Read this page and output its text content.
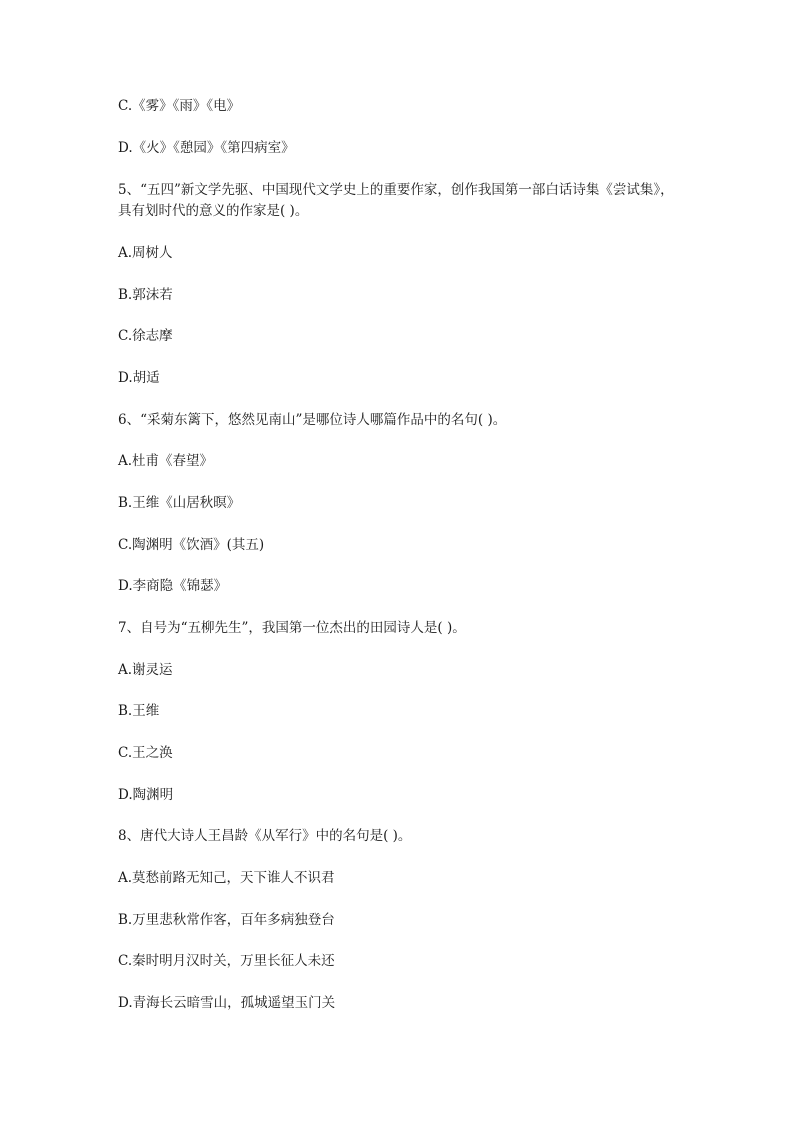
C.《雾》《雨》《电》
D.《火》《憩园》《第四病室》
5、“五四”新文学先驱、中国现代文学史上的重要作家，创作我国第一部白话诗集《尝试集》，具有划时代的意义的作家是( )。
A.周树人
B.郭沫若
C.徐志摩
D.胡适
6、“采菊东篱下，悠然见南山”是哪位诗人哪篇作品中的名句( )。
A.杜甫《春望》
B.王维《山居秋暝》
C.陶渊明《饮酒》(其五)
D.李商隐《锦瑟》
7、自号为“五柳先生”，我国第一位杰出的田园诗人是( )。
A.谢灵运
B.王维
C.王之涣
D.陶渊明
8、唐代大诗人王昌龄《从军行》中的名句是( )。
A.莫愁前路无知己，天下谁人不识君
B.万里悲秋常作客，百年多病独登台
C.秦时明月汉时关，万里长征人未还
D.青海长云暗雪山，孤城遥望玉门关
